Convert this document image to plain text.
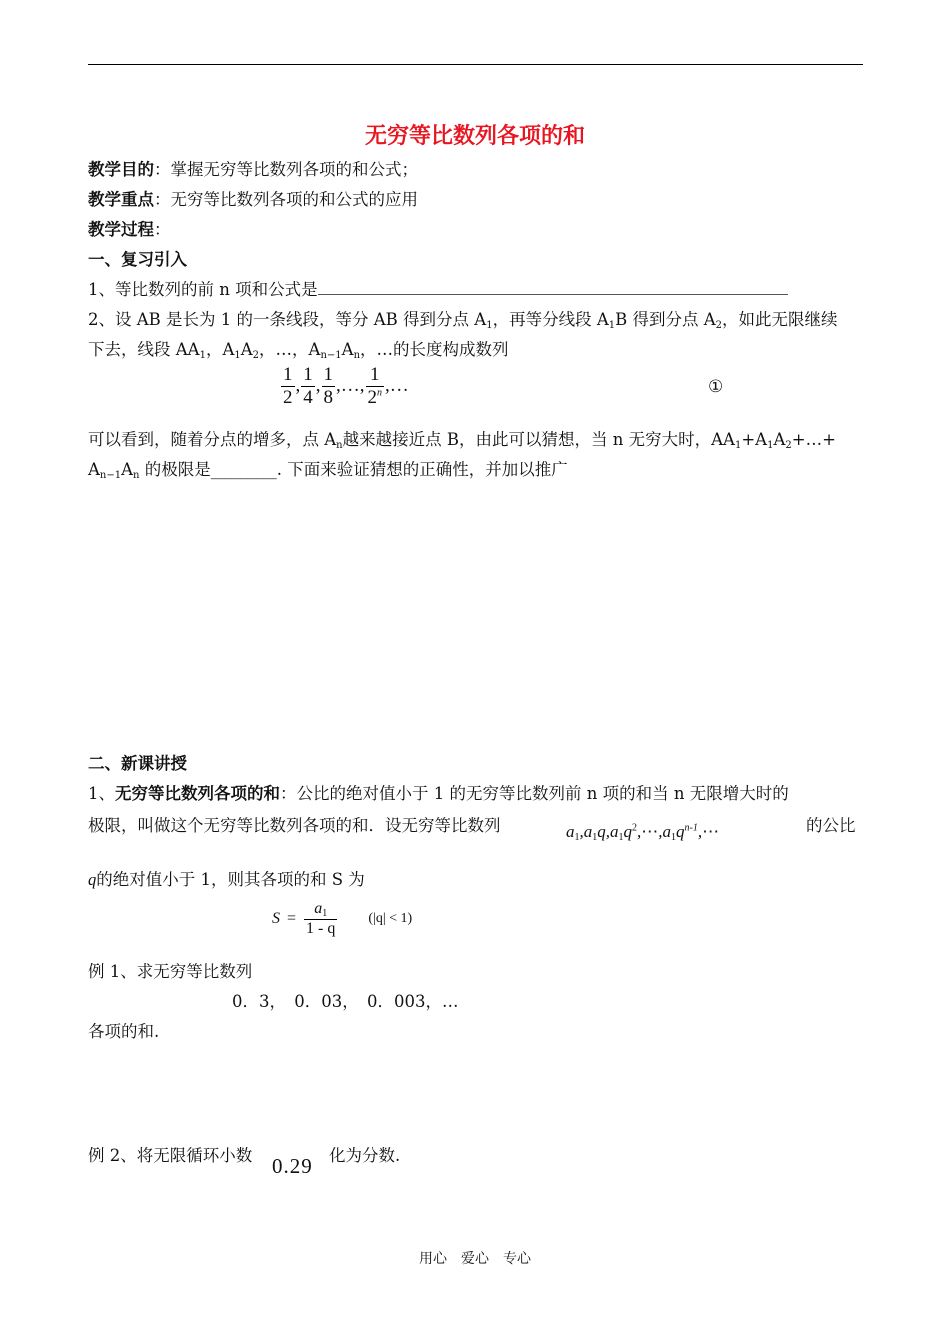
无穷等比数列各项的和
教学目的：掌握无穷等比数列各项的和公式；
教学重点：无穷等比数列各项的和公式的应用
教学过程：
一、复习引入
1、等比数列的前 n 项和公式是
2、设 AB 是长为 1 的一条线段，等分 AB 得到分点 $A_1$，再等分线段 $A_1B$ 得到分点 $A_2$，如此无限继续
下去，线段 $AA_1$，$A_1A_2$，…，$A_{n-1}A_n$，…的长度构成数列
$\frac{1}{2}$ , $\frac{1}{4}$ , $\frac{1}{8}$ ,…, $\frac{1}{2^n}$ ,…	①
可以看到，随着分点的增多，点 $A_n$越来越接近点 B，由此可以猜想，当 n 无穷大时，$AA_1+A_1A_2+\dots+$
$A_{n-1}A_n$ 的极限是________. 下面来验证猜想的正确性，并加以推广
二、新课讲授
1、无穷等比数列各项的和：公比的绝对值小于 1 的无穷等比数列前 n 项的和当 n 无限增大时的
极限，叫做这个无穷等比数列各项的和．设无穷等比数列	$a_1,a_1q,a_1q^2,\cdots,a_1q^{n-1},\cdots$	的公比
q的绝对值小于 1，则其各项的和 S 为
$S = \frac{a_1}{1 - q} (|q| < 1)$
例 1、求无穷等比数列
0．3，　0．03，　0．003，…
各项的和.
例 2、将无限循环小数 0.29 化为分数.
用心　爱心　专心
